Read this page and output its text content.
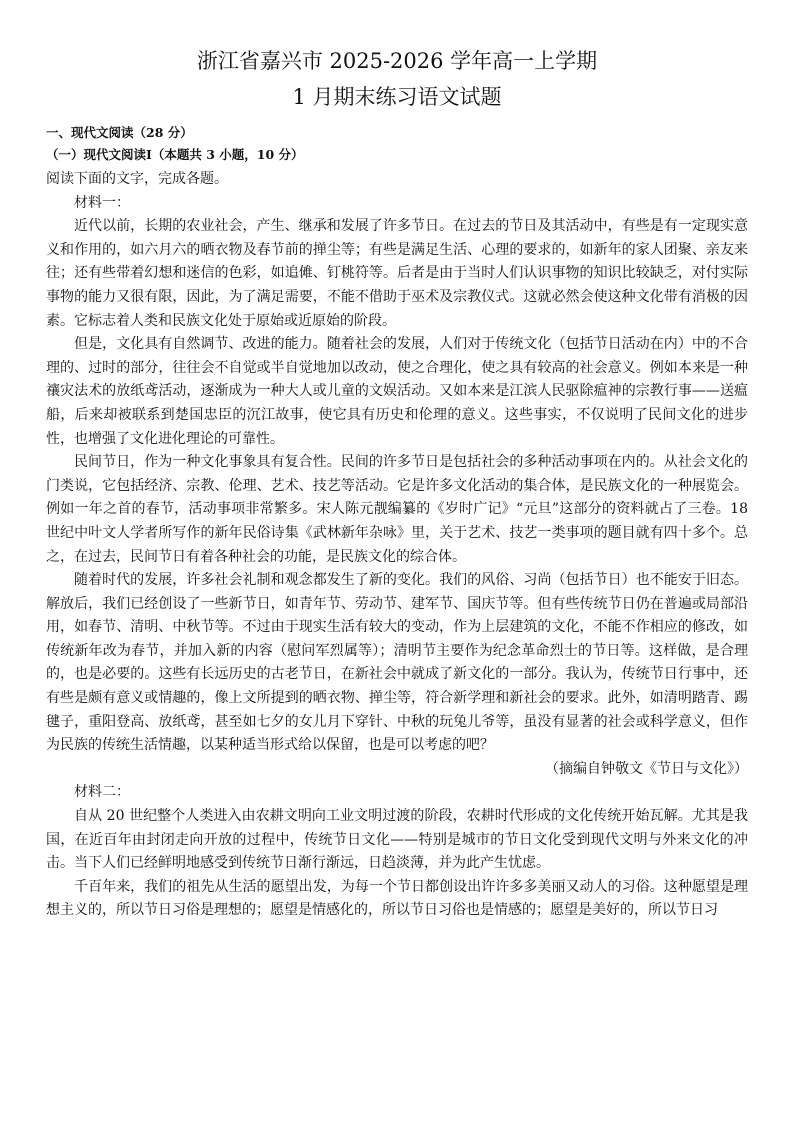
浙江省嘉兴市 2025-2026 学年高一上学期
1 月期末练习语文试题

一、现代文阅读（28 分）

（一）现代文阅读Ⅰ（本题共 3 小题，10 分）

阅读下面的文字，完成各题。

材料一：

近代以前，长期的农业社会，产生、继承和发展了许多节日。在过去的节日及其活动中，有些是有一定现实意义和作用的，如六月六的晒衣物及春节前的掸尘等；有些是满足生活、心理的要求的，如新年的家人团聚、亲友来往；还有些带着幻想和迷信的色彩，如追傩、钉桃符等。后者是由于当时人们认识事物的知识比较缺乏，对付实际事物的能力又很有限，因此，为了满足需要，不能不借助于巫术及宗教仪式。这就必然会使这种文化带有消极的因素。它标志着人类和民族文化处于原始或近原始的阶段。

但是，文化具有自然调节、改进的能力。随着社会的发展，人们对于传统文化（包括节日活动在内）中的不合理的、过时的部分，往往会不自觉或半自觉地加以改动，使之合理化，使之具有较高的社会意义。例如本来是一种禳灾法术的放纸鸢活动，逐渐成为一种大人或儿童的文娱活动。又如本来是江滨人民驱除瘟神的宗教行事——送瘟船，后来却被联系到楚国忠臣的沉江故事，使它具有历史和伦理的意义。这些事实，不仅说明了民间文化的进步性，也增强了文化进化理论的可靠性。

民间节日，作为一种文化事象具有复合性。民间的许多节日是包括社会的多种活动事项在内的。从社会文化的门类说，它包括经济、宗教、伦理、艺术、技艺等活动。它是许多文化活动的集合体，是民族文化的一种展览会。例如一年之首的春节，活动事项非常繁多。宋人陈元靓编纂的《岁时广记》“元旦”这部分的资料就占了三卷。18 世纪中叶文人学者所写作的新年民俗诗集《武林新年杂咏》里，关于艺术、技艺一类事项的题目就有四十多个。总之，在过去，民间节日有着各种社会的功能，是民族文化的综合体。

随着时代的发展，许多社会礼制和观念都发生了新的变化。我们的风俗、习尚（包括节日）也不能安于旧态。解放后，我们已经创设了一些新节日，如青年节、劳动节、建军节、国庆节等。但有些传统节日仍在普遍或局部沿用，如春节、清明、中秋节等。不过由于现实生活有较大的变动，作为上层建筑的文化，不能不作相应的修改，如传统新年改为春节，并加入新的内容（慰问军烈属等）；清明节主要作为纪念革命烈士的节日等。这样做，是合理的，也是必要的。这些有长远历史的古老节日，在新社会中就成了新文化的一部分。我认为，传统节日行事中，还有些是颇有意义或情趣的，像上文所提到的晒衣物、掸尘等，符合新学理和新社会的要求。此外，如清明踏青、踢毽子，重阳登高、放纸鸢，甚至如七夕的女儿月下穿针、中秋的玩兔儿爷等，虽没有显著的社会或科学意义，但作为民族的传统生活情趣，以某种适当形式给以保留，也是可以考虑的吧？

（摘编自钟敬文《节日与文化》）

材料二：

自从 20 世纪整个人类进入由农耕文明向工业文明过渡的阶段，农耕时代形成的文化传统开始瓦解。尤其是我国，在近百年由封闭走向开放的过程中，传统节日文化——特别是城市的节日文化受到现代文明与外来文化的冲击。当下人们已经鲜明地感受到传统节日渐行渐远，日趋淡薄，并为此产生忧虑。

千百年来，我们的祖先从生活的愿望出发，为每一个节日都创设出许许多多美丽又动人的习俗。这种愿望是理想主义的，所以节日习俗是理想的；愿望是情感化的，所以节日习俗也是情感的；愿望是美好的，所以节日习
